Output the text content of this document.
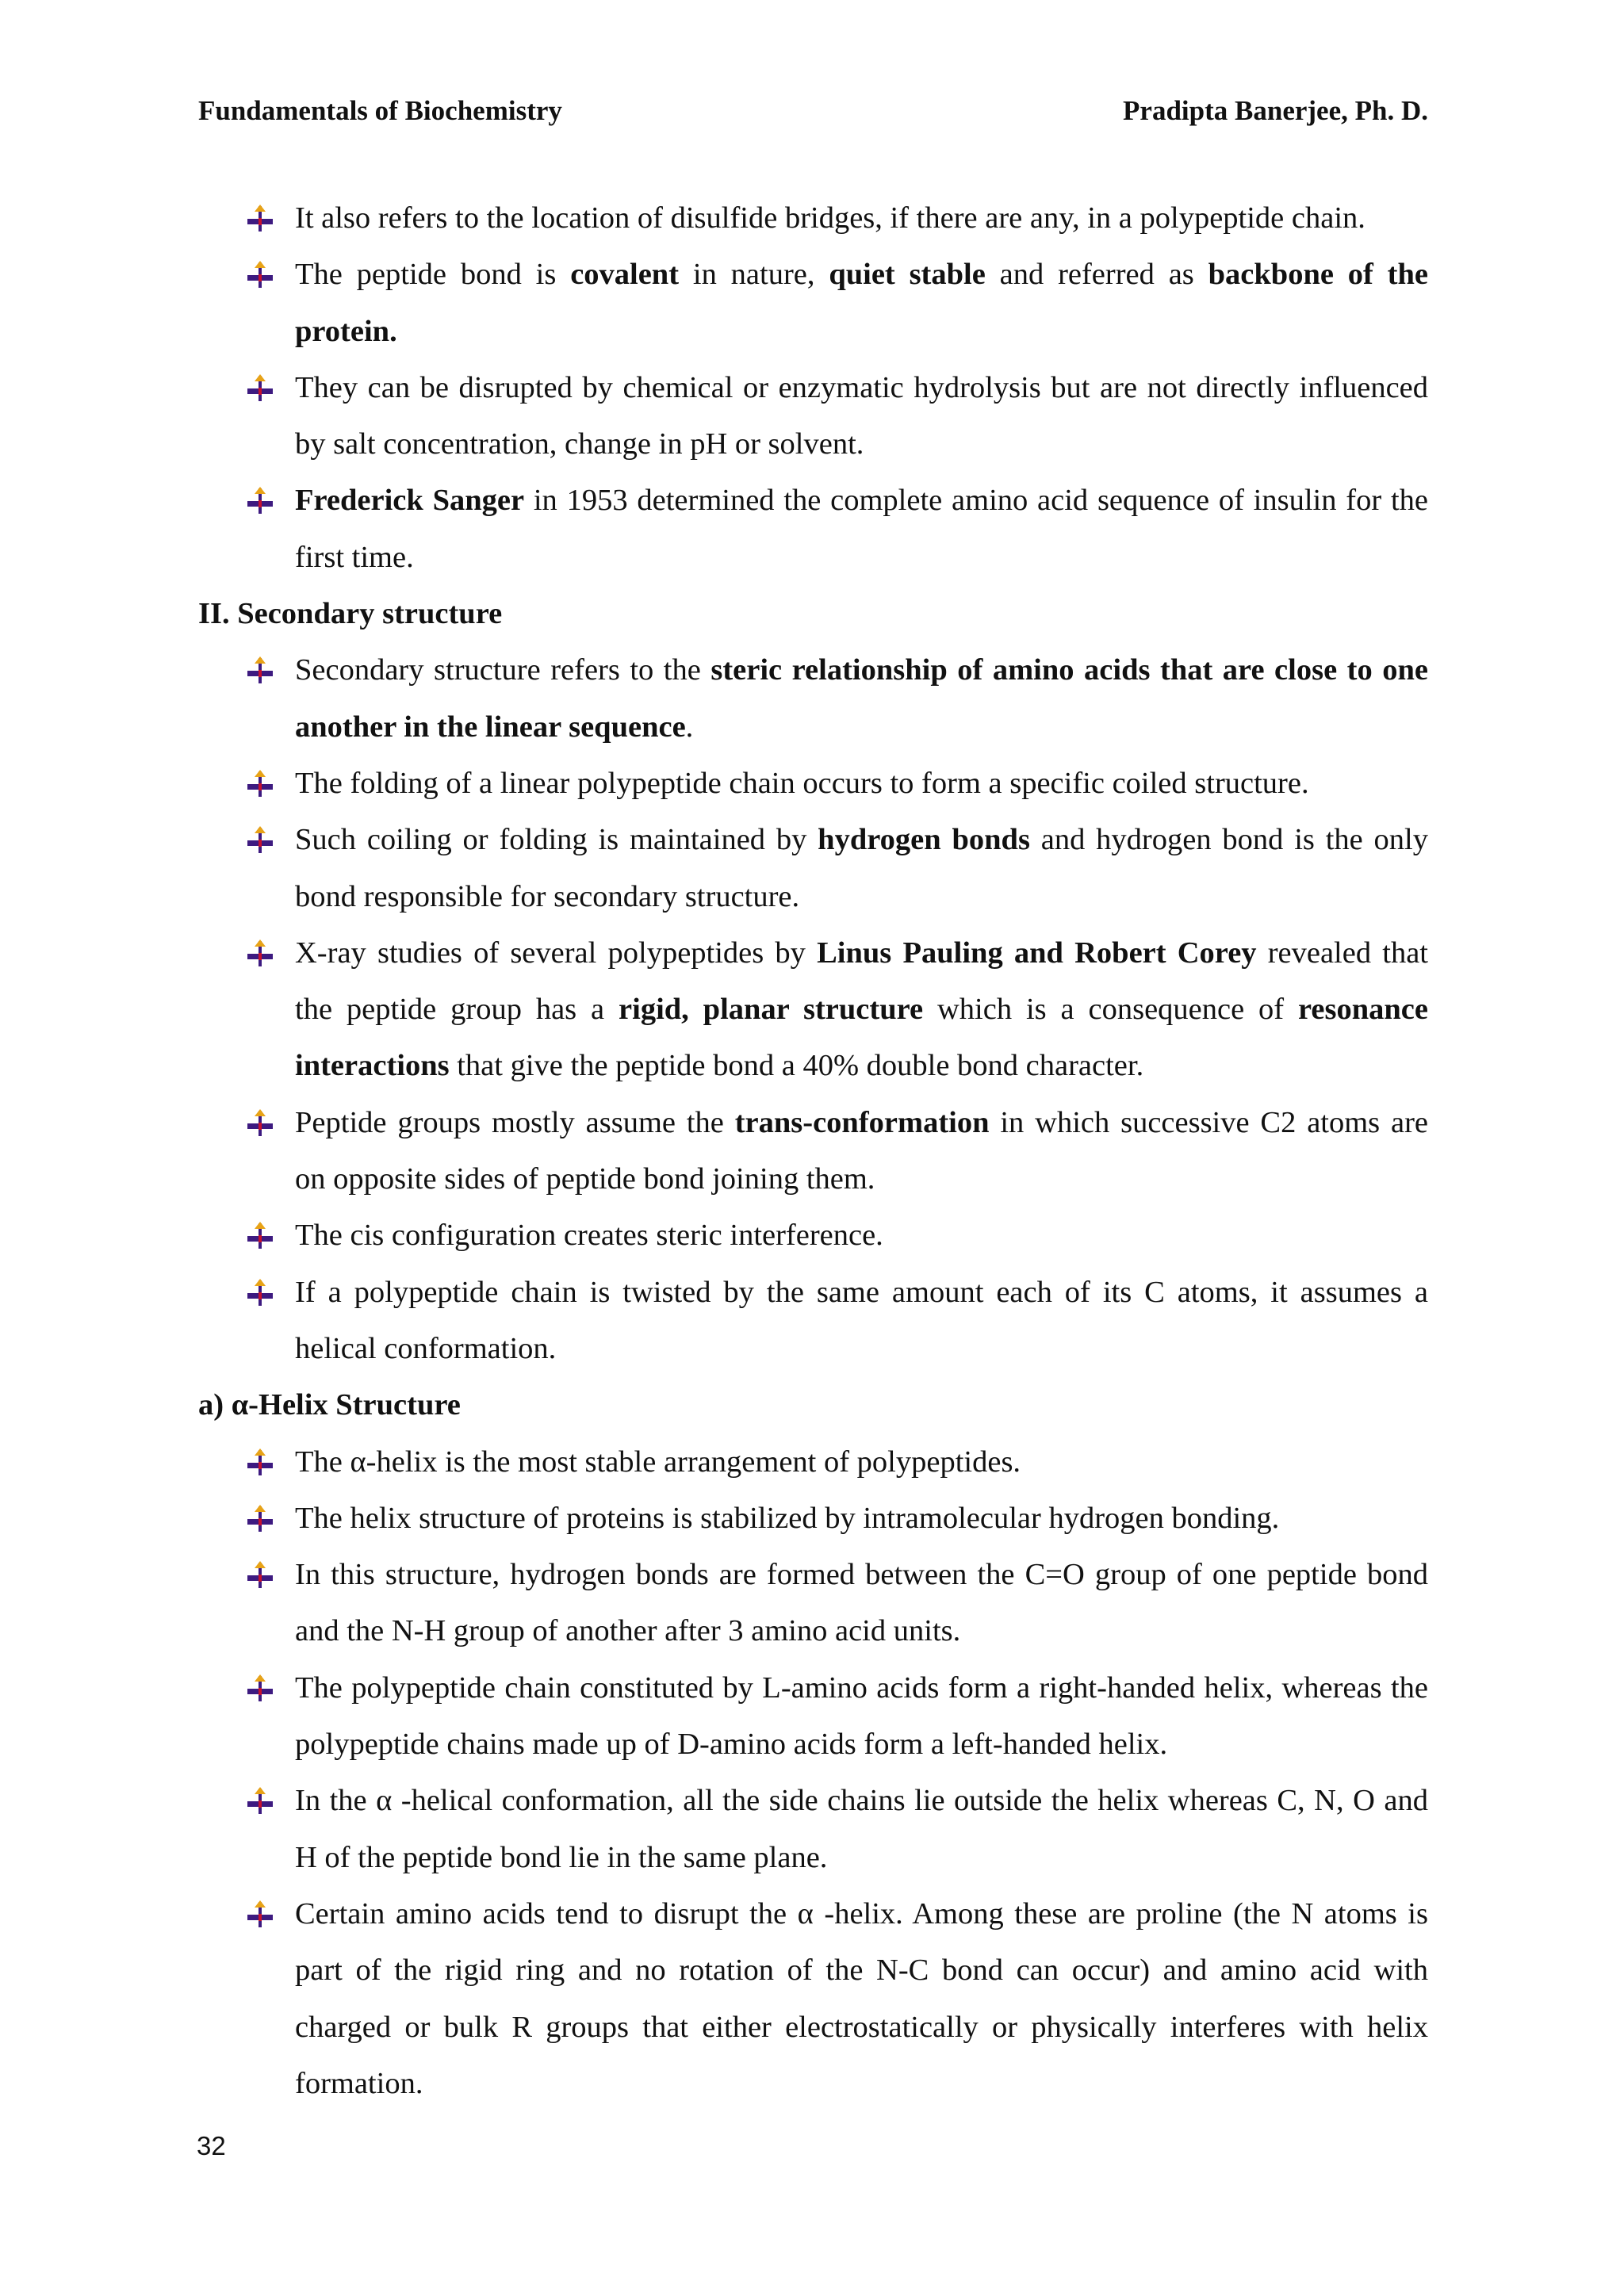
Fundamentals of Biochemistry	Pradipta Banerjee, Ph. D.
It also refers to the location of disulfide bridges, if there are any, in a polypeptide chain.
The peptide bond is covalent in nature, quiet stable and referred as backbone of the protein.
They can be disrupted by chemical or enzymatic hydrolysis but are not directly influenced by salt concentration, change in pH or solvent.
Frederick Sanger in 1953 determined the complete amino acid sequence of insulin for the first time.

II. Secondary structure

Secondary structure refers to the steric relationship of amino acids that are close to one another in the linear sequence.
The folding of a linear polypeptide chain occurs to form a specific coiled structure.
Such coiling or folding is maintained by hydrogen bonds and hydrogen bond is the only bond responsible for secondary structure.
X-ray studies of several polypeptides by Linus Pauling and Robert Corey revealed that the peptide group has a rigid, planar structure which is a consequence of resonance interactions that give the peptide bond a 40% double bond character.
Peptide groups mostly assume the trans-conformation in which successive C2 atoms are on opposite sides of peptide bond joining them.
The cis configuration creates steric interference.
If a polypeptide chain is twisted by the same amount each of its C atoms, it assumes a helical conformation.

a) α-Helix Structure

The α-helix is the most stable arrangement of polypeptides.
The helix structure of proteins is stabilized by intramolecular hydrogen bonding.
In this structure, hydrogen bonds are formed between the C=O group of one peptide bond and the N-H group of another after 3 amino acid units.
The polypeptide chain constituted by L-amino acids form a right-handed helix, whereas the polypeptide chains made up of D-amino acids form a left-handed helix.
In the α -helical conformation, all the side chains lie outside the helix whereas C, N, O and H of the peptide bond lie in the same plane.
Certain amino acids tend to disrupt the α -helix. Among these are proline (the N atoms is part of the rigid ring and no rotation of the N-C bond can occur) and amino acid with charged or bulk R groups that either electrostatically or physically interferes with helix formation.
32
